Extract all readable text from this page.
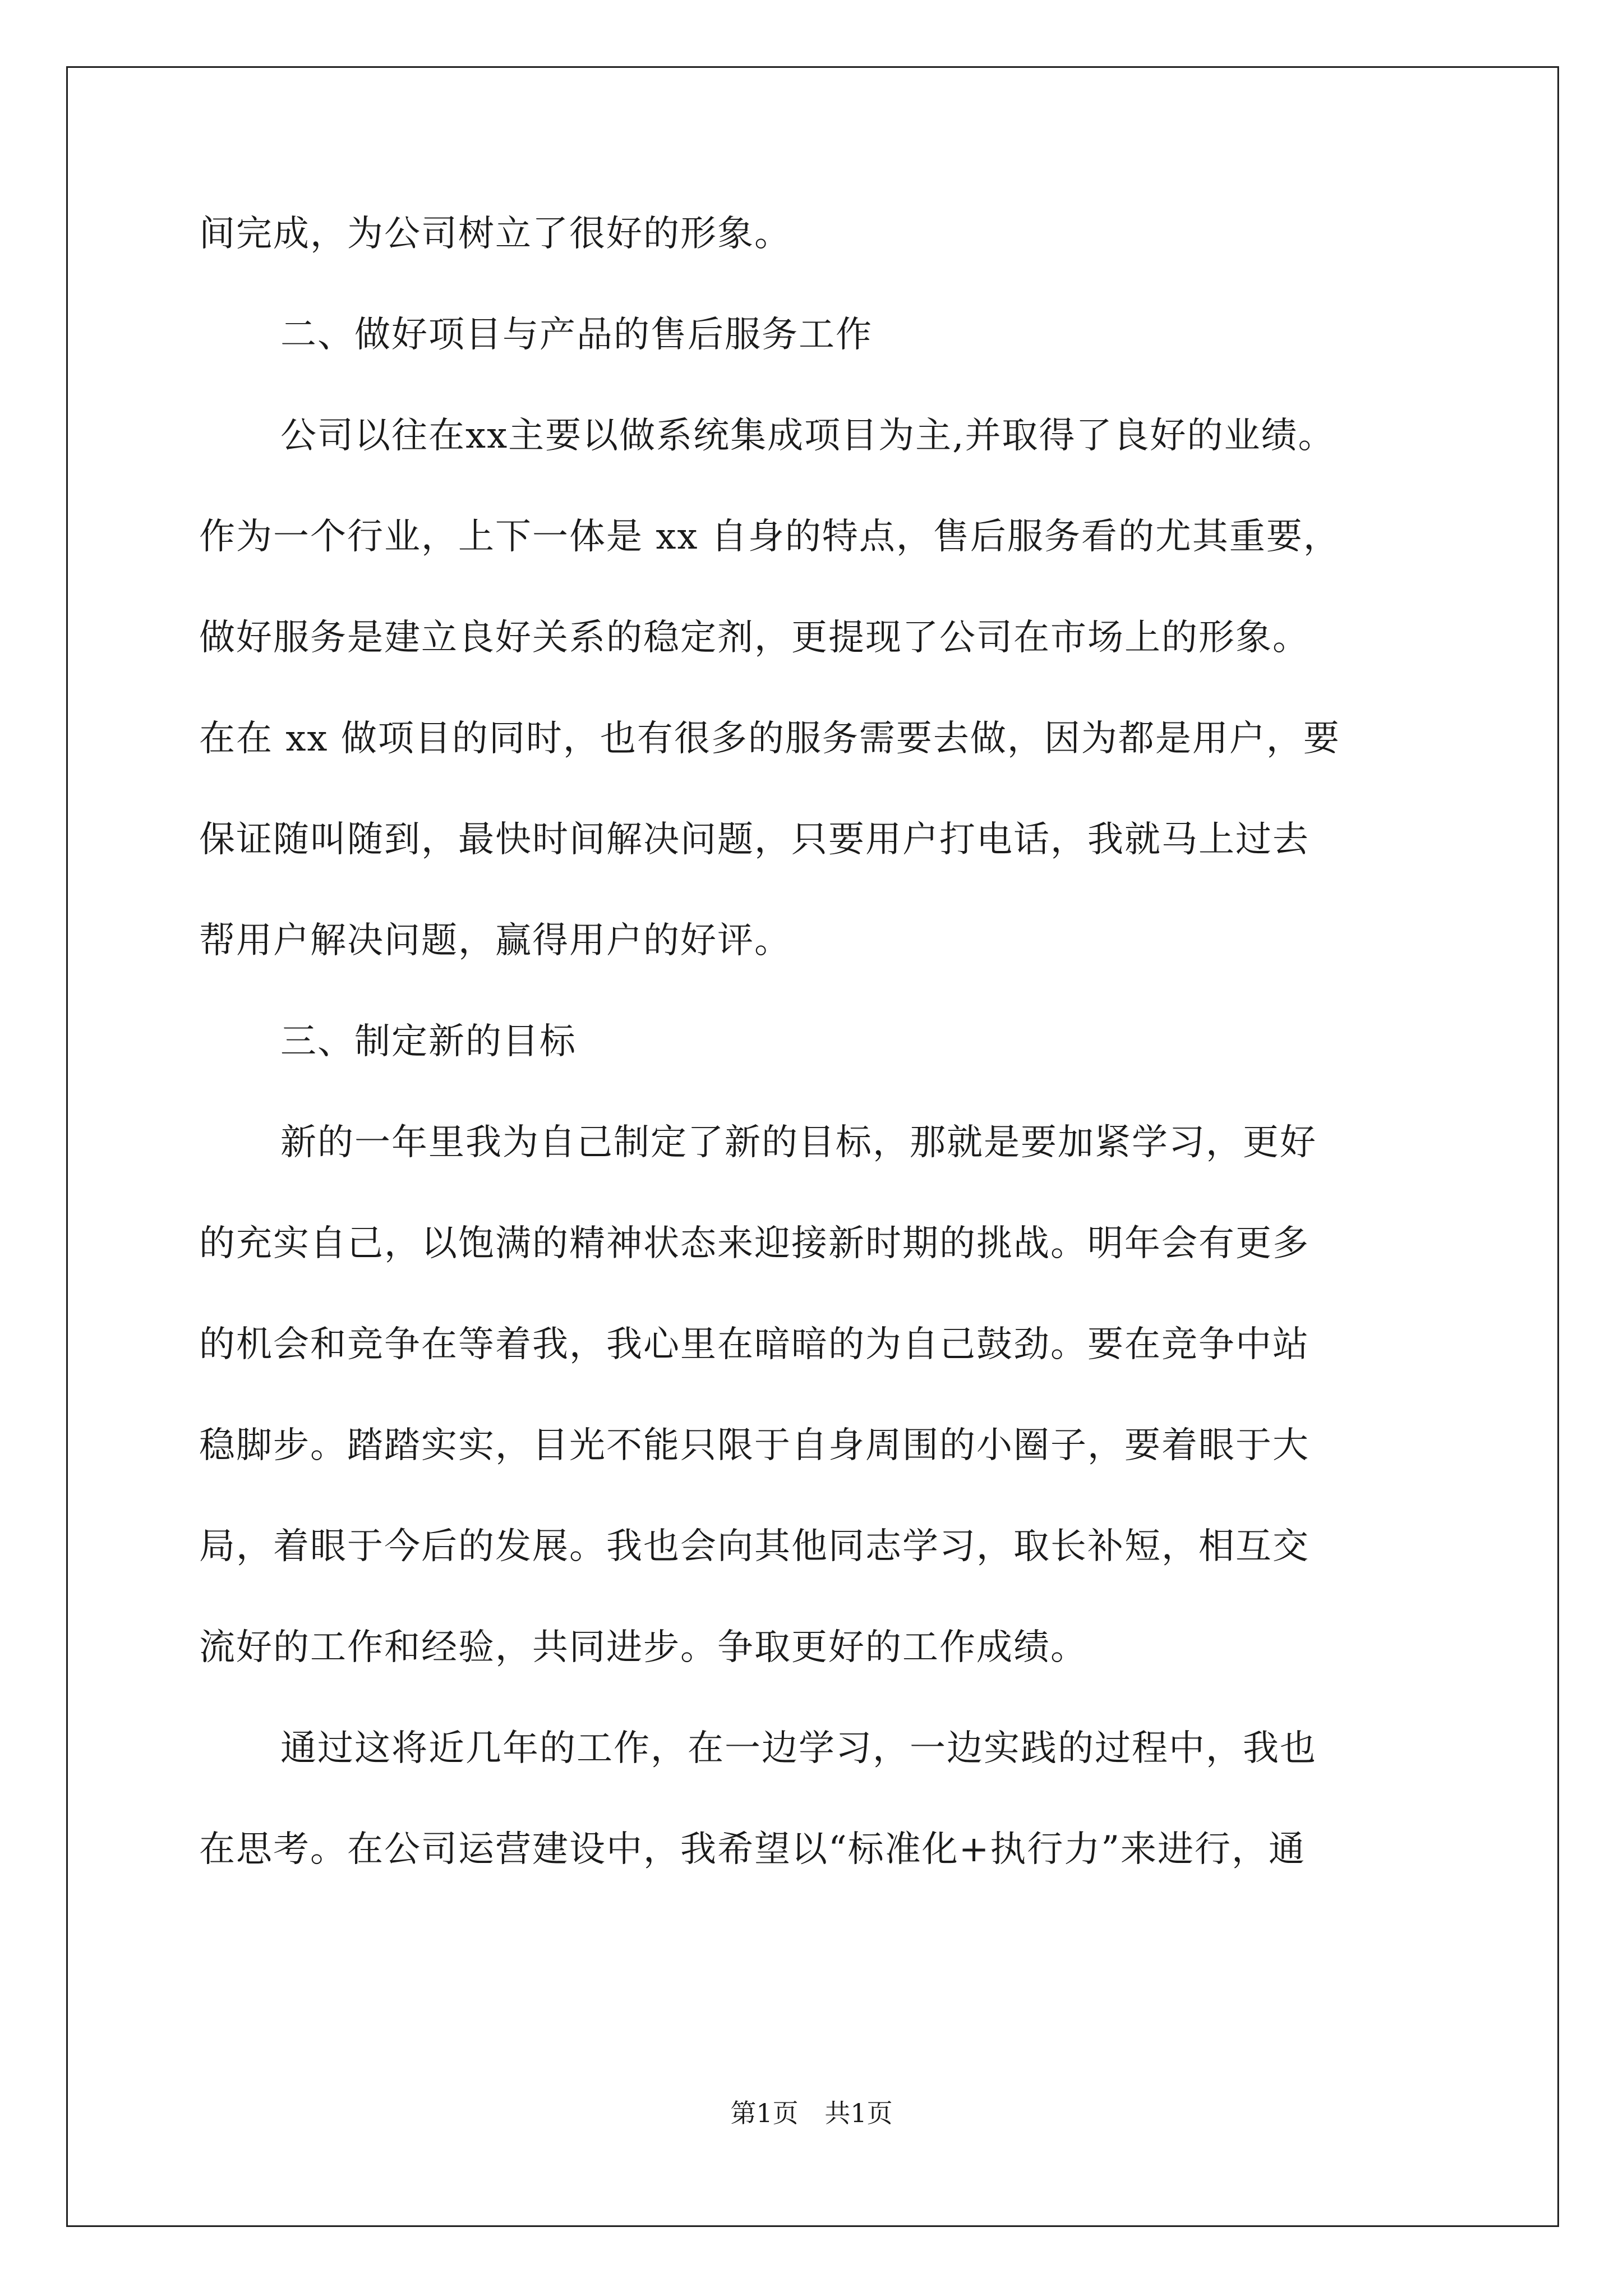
间完成，为公司树立了很好的形象。
二、做好项目与产品的售后服务工作
公司以往在xx主要以做系统集成项目为主,并取得了良好的业绩。
作为一个行业，上下一体是 xx 自身的特点，售后服务看的尤其重要，
做好服务是建立良好关系的稳定剂，更提现了公司在市场上的形象。
在在 xx 做项目的同时，也有很多的服务需要去做，因为都是用户，要
保证随叫随到，最快时间解决问题，只要用户打电话，我就马上过去
帮用户解决问题，赢得用户的好评。
三、制定新的目标
新的一年里我为自己制定了新的目标，那就是要加紧学习，更好
的充实自己，以饱满的精神状态来迎接新时期的挑战。明年会有更多
的机会和竞争在等着我，我心里在暗暗的为自己鼓劲。要在竞争中站
稳脚步。踏踏实实，目光不能只限于自身周围的小圈子，要着眼于大
局，着眼于今后的发展。我也会向其他同志学习，取长补短，相互交
流好的工作和经验，共同进步。争取更好的工作成绩。
通过这将近几年的工作，在一边学习，一边实践的过程中，我也
在思考。在公司运营建设中，我希望以“标准化+执行力”来进行，通
第1页 共1页
